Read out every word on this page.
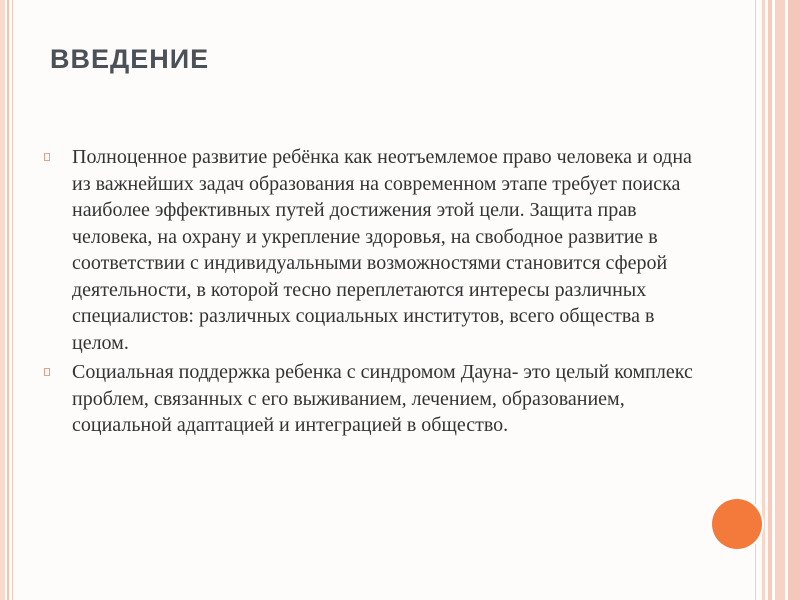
ВВЕДЕНИЕ
Полноценное развитие ребёнка как неотъемлемое право человека и одна из важнейших задач образования на современном этапе требует поиска наиболее эффективных путей достижения этой цели. Защита прав человека, на охрану и укрепление здоровья, на свободное развитие в соответствии с индивидуальными возможностями становится сферой деятельности, в которой тесно переплетаются интересы различных специалистов: различных социальных институтов, всего общества в целом.
Социальная поддержка ребенка с синдромом Дауна- это целый комплекс проблем, связанных с его выживанием, лечением, образованием, социальной адаптацией и интеграцией в общество.
